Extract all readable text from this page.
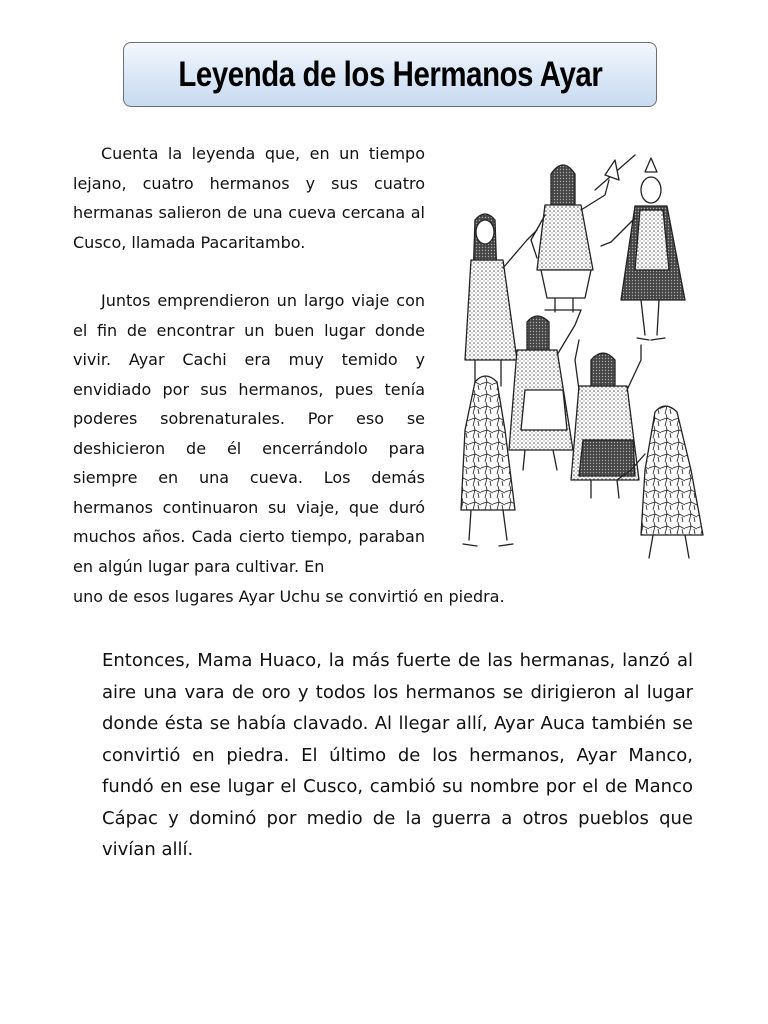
Leyenda de los Hermanos Ayar

Cuenta la leyenda que, en un tiempo lejano, cuatro hermanos y sus cuatro hermanas salieron de una cueva cercana al Cusco, llamada Pacaritambo.

Juntos emprendieron un largo viaje con el fin de encontrar un buen lugar donde vivir. Ayar Cachi era muy temido y envidiado por sus hermanos, pues tenía poderes sobrenaturales. Por eso se deshicieron de él encerrándolo para siempre en una cueva. Los demás hermanos continuaron su viaje, que duró muchos años. Cada cierto tiempo, paraban en algún lugar para cultivar. En

uno de esos lugares Ayar Uchu se convirtió en piedra.

Entonces, Mama Huaco, la más fuerte de las hermanas, lanzó al aire una vara de oro y todos los hermanos se dirigieron al lugar donde ésta se había clavado. Al llegar allí, Ayar Auca también se convirtió en piedra. El último de los hermanos, Ayar Manco, fundó en ese lugar el Cusco, cambió su nombre por el de Manco Cápac y dominó por medio de la guerra a otros pueblos que vivían allí.
